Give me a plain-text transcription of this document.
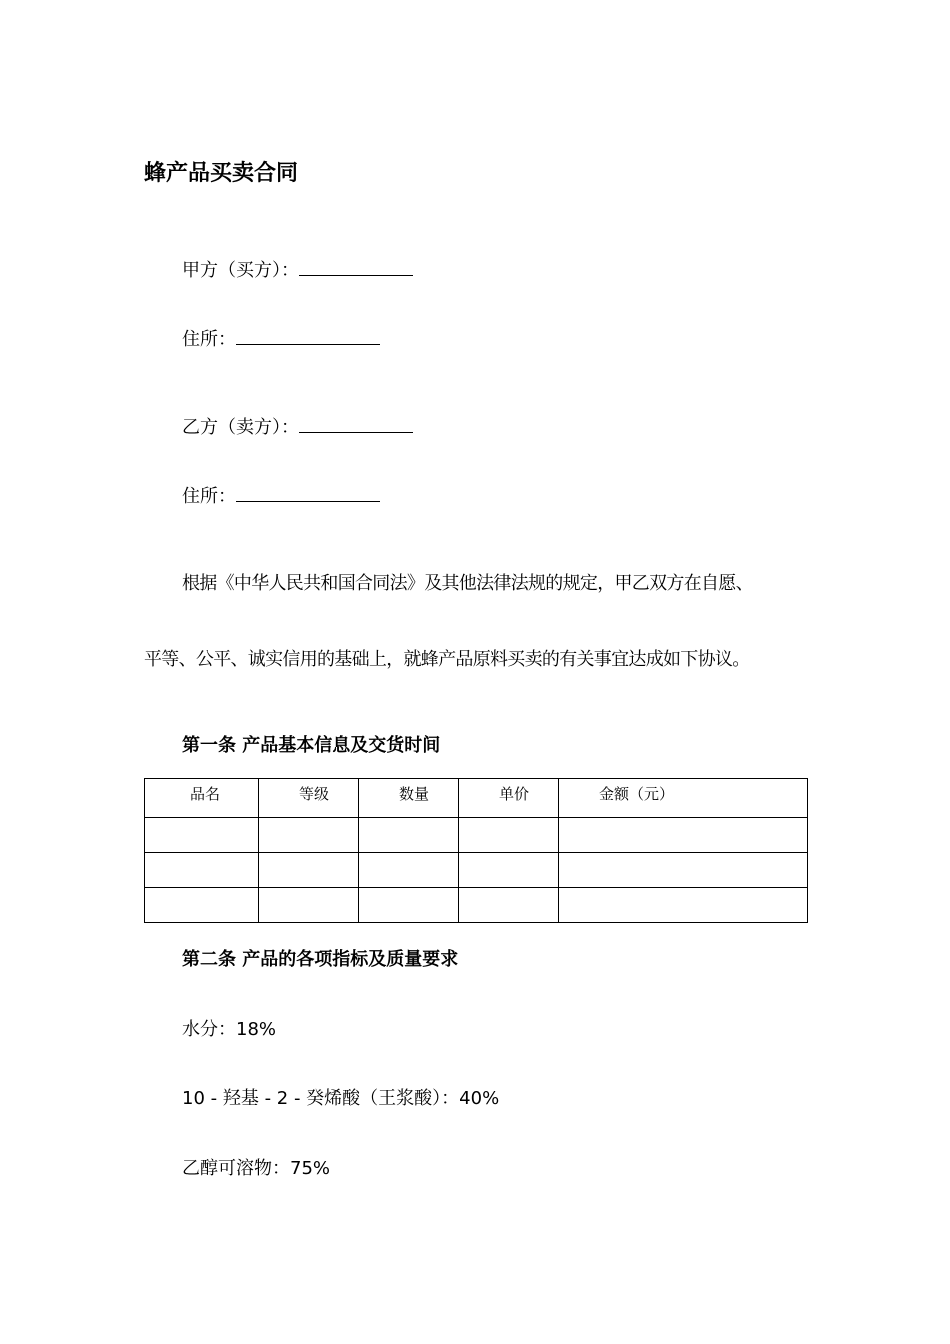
蜂产品买卖合同
甲方（买方）：
住所：
乙方（卖方）：
住所：
根据《中华人民共和国合同法》及其他法律法规的规定，甲乙双方在自愿、
平等、公平、诚实信用的基础上，就蜂产品原料买卖的有关事宜达成如下协议。
第一条 产品基本信息及交货时间
品名	等级	数量	单价	金额（元）

第二条 产品的各项指标及质量要求
水分：18%
10 - 羟基 - 2 - 癸烯酸（王浆酸）：40%
乙醇可溶物：75%
